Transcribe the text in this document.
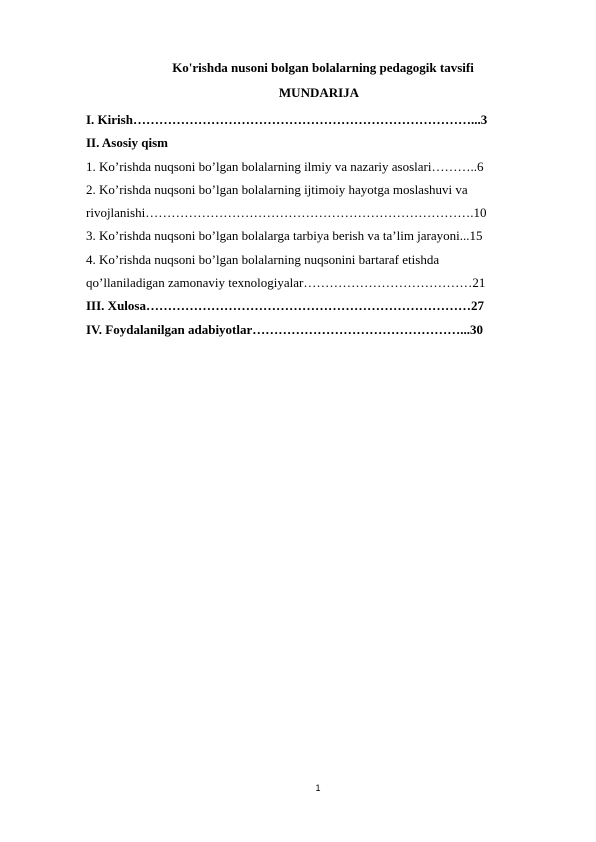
Ko'rishda nusoni bolgan bolalarning pedagogik tavsifi
MUNDARIJA
I. Kirish……………………………………………………………………...3
II. Asosiy qism
1. Ko’rishda nuqsoni bo’lgan bolalarning ilmiy va nazariy asoslari………..6
2. Ko’rishda nuqsoni bo’lgan bolalarning ijtimoiy hayotga moslashuvi va
rivojlanishi………………………………………………………………….10
3. Ko’rishda nuqsoni bo’lgan bolalarga tarbiya berish va ta’lim jarayoni...15
4. Ko’rishda nuqsoni bo’lgan bolalarning nuqsonini bartaraf etishda
qo’llaniladigan zamonaviy texnologiyalar…………………………………21
III. Xulosa…………………………………………………………………27
IV. Foydalanilgan adabiyotlar…………………………………………...30
1
